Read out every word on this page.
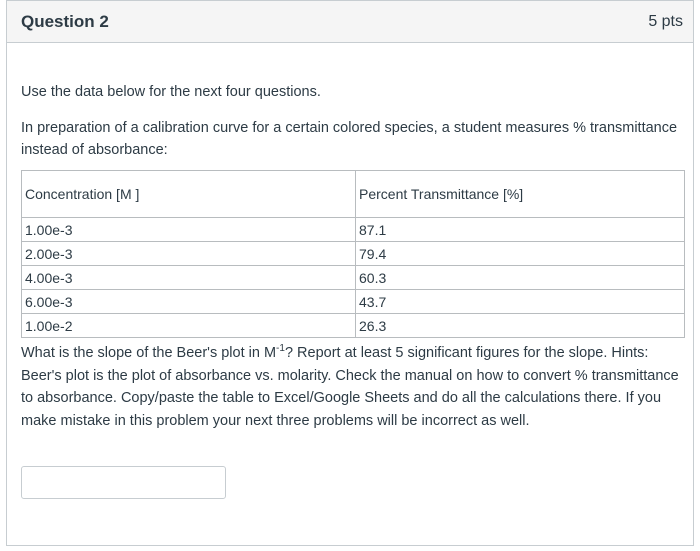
Question 2	5 pts

Use the data below for the next four questions.

In preparation of a calibration curve for a certain colored species, a student measures % transmittance instead of absorbance:

Concentration [M ]	Percent Transmittance [%]
1.00e-3	87.1
2.00e-3	79.4
4.00e-3	60.3
6.00e-3	43.7
1.00e-2	26.3

What is the slope of the Beer's plot in $M^{-1}$? Report at least 5 significant figures for the slope. Hints: Beer's plot is the plot of absorbance vs. molarity. Check the manual on how to convert % transmittance to absorbance. Copy/paste the table to Excel/Google Sheets and do all the calculations there. If you make mistake in this problem your next three problems will be incorrect as well.
